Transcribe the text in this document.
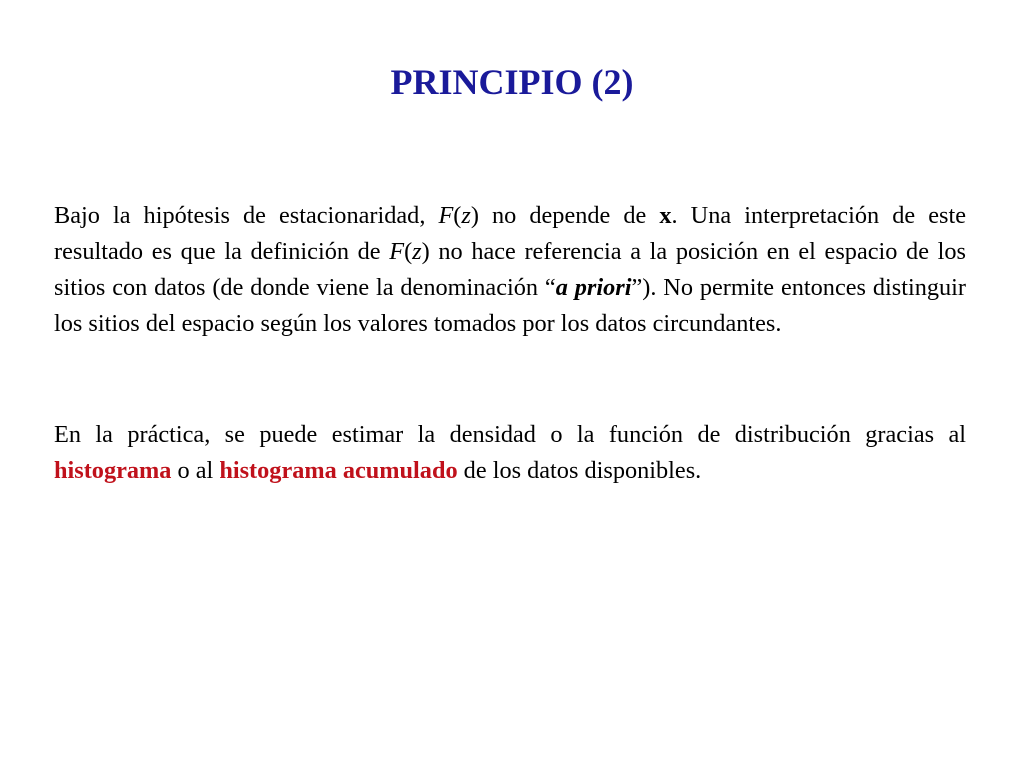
PRINCIPIO (2)
Bajo la hipótesis de estacionaridad, F(z) no depende de x. Una interpretación de este resultado es que la definición de F(z) no hace referencia a la posición en el espacio de los sitios con datos (de donde viene la denominación “a priori”). No permite entonces distinguir los sitios del espacio según los valores tomados por los datos circundantes.
En la práctica, se puede estimar la densidad o la función de distribución gracias al histograma o al histograma acumulado de los datos disponibles.
